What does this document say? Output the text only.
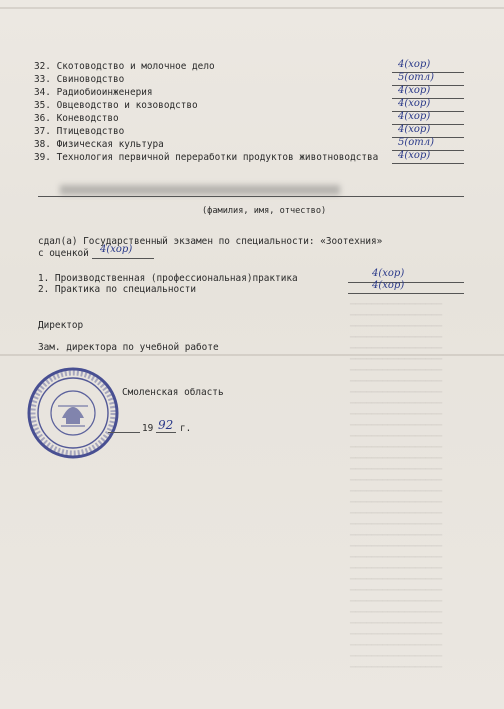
─────────────────
─────────────────
─────────────────
─────────────────
─────────────────
─────────────────
─────────────────
─────────────────
─────────────────
─────────────────
─────────────────
─────────────────
─────────────────
─────────────────
─────────────────
─────────────────
─────────────────
─────────────────
─────────────────
─────────────────
─────────────────
─────────────────
─────────────────
─────────────────
─────────────────
─────────────────
─────────────────
─────────────────
─────────────────
─────────────────
─────────────────
─────────────────
─────────────────
─────────────────
32. Скотоводство и молочное дело	4(хор)
33. Свиноводство	5(отл)
34. Радиобиоинженерия	4(хор)
35. Овцеводство и козоводство	4(хор)
36. Коневодство	4(хор)
37. Птицеводство	4(хор)
38. Физическая культура	5(отл)
39. Технология первичной переработки продуктов животноводства 4(хор)
(фамилия, имя, отчество)
сдал(а) Государственный экзамен по специальности: «Зоотехния»
с оценкой 4(хор)
1. Производственная (профессиональная)практика	4(хор)
2. Практика по специальности	4(хор)
Директор
Зам. директора по учебной работе
Смоленская область
19 92 г.
